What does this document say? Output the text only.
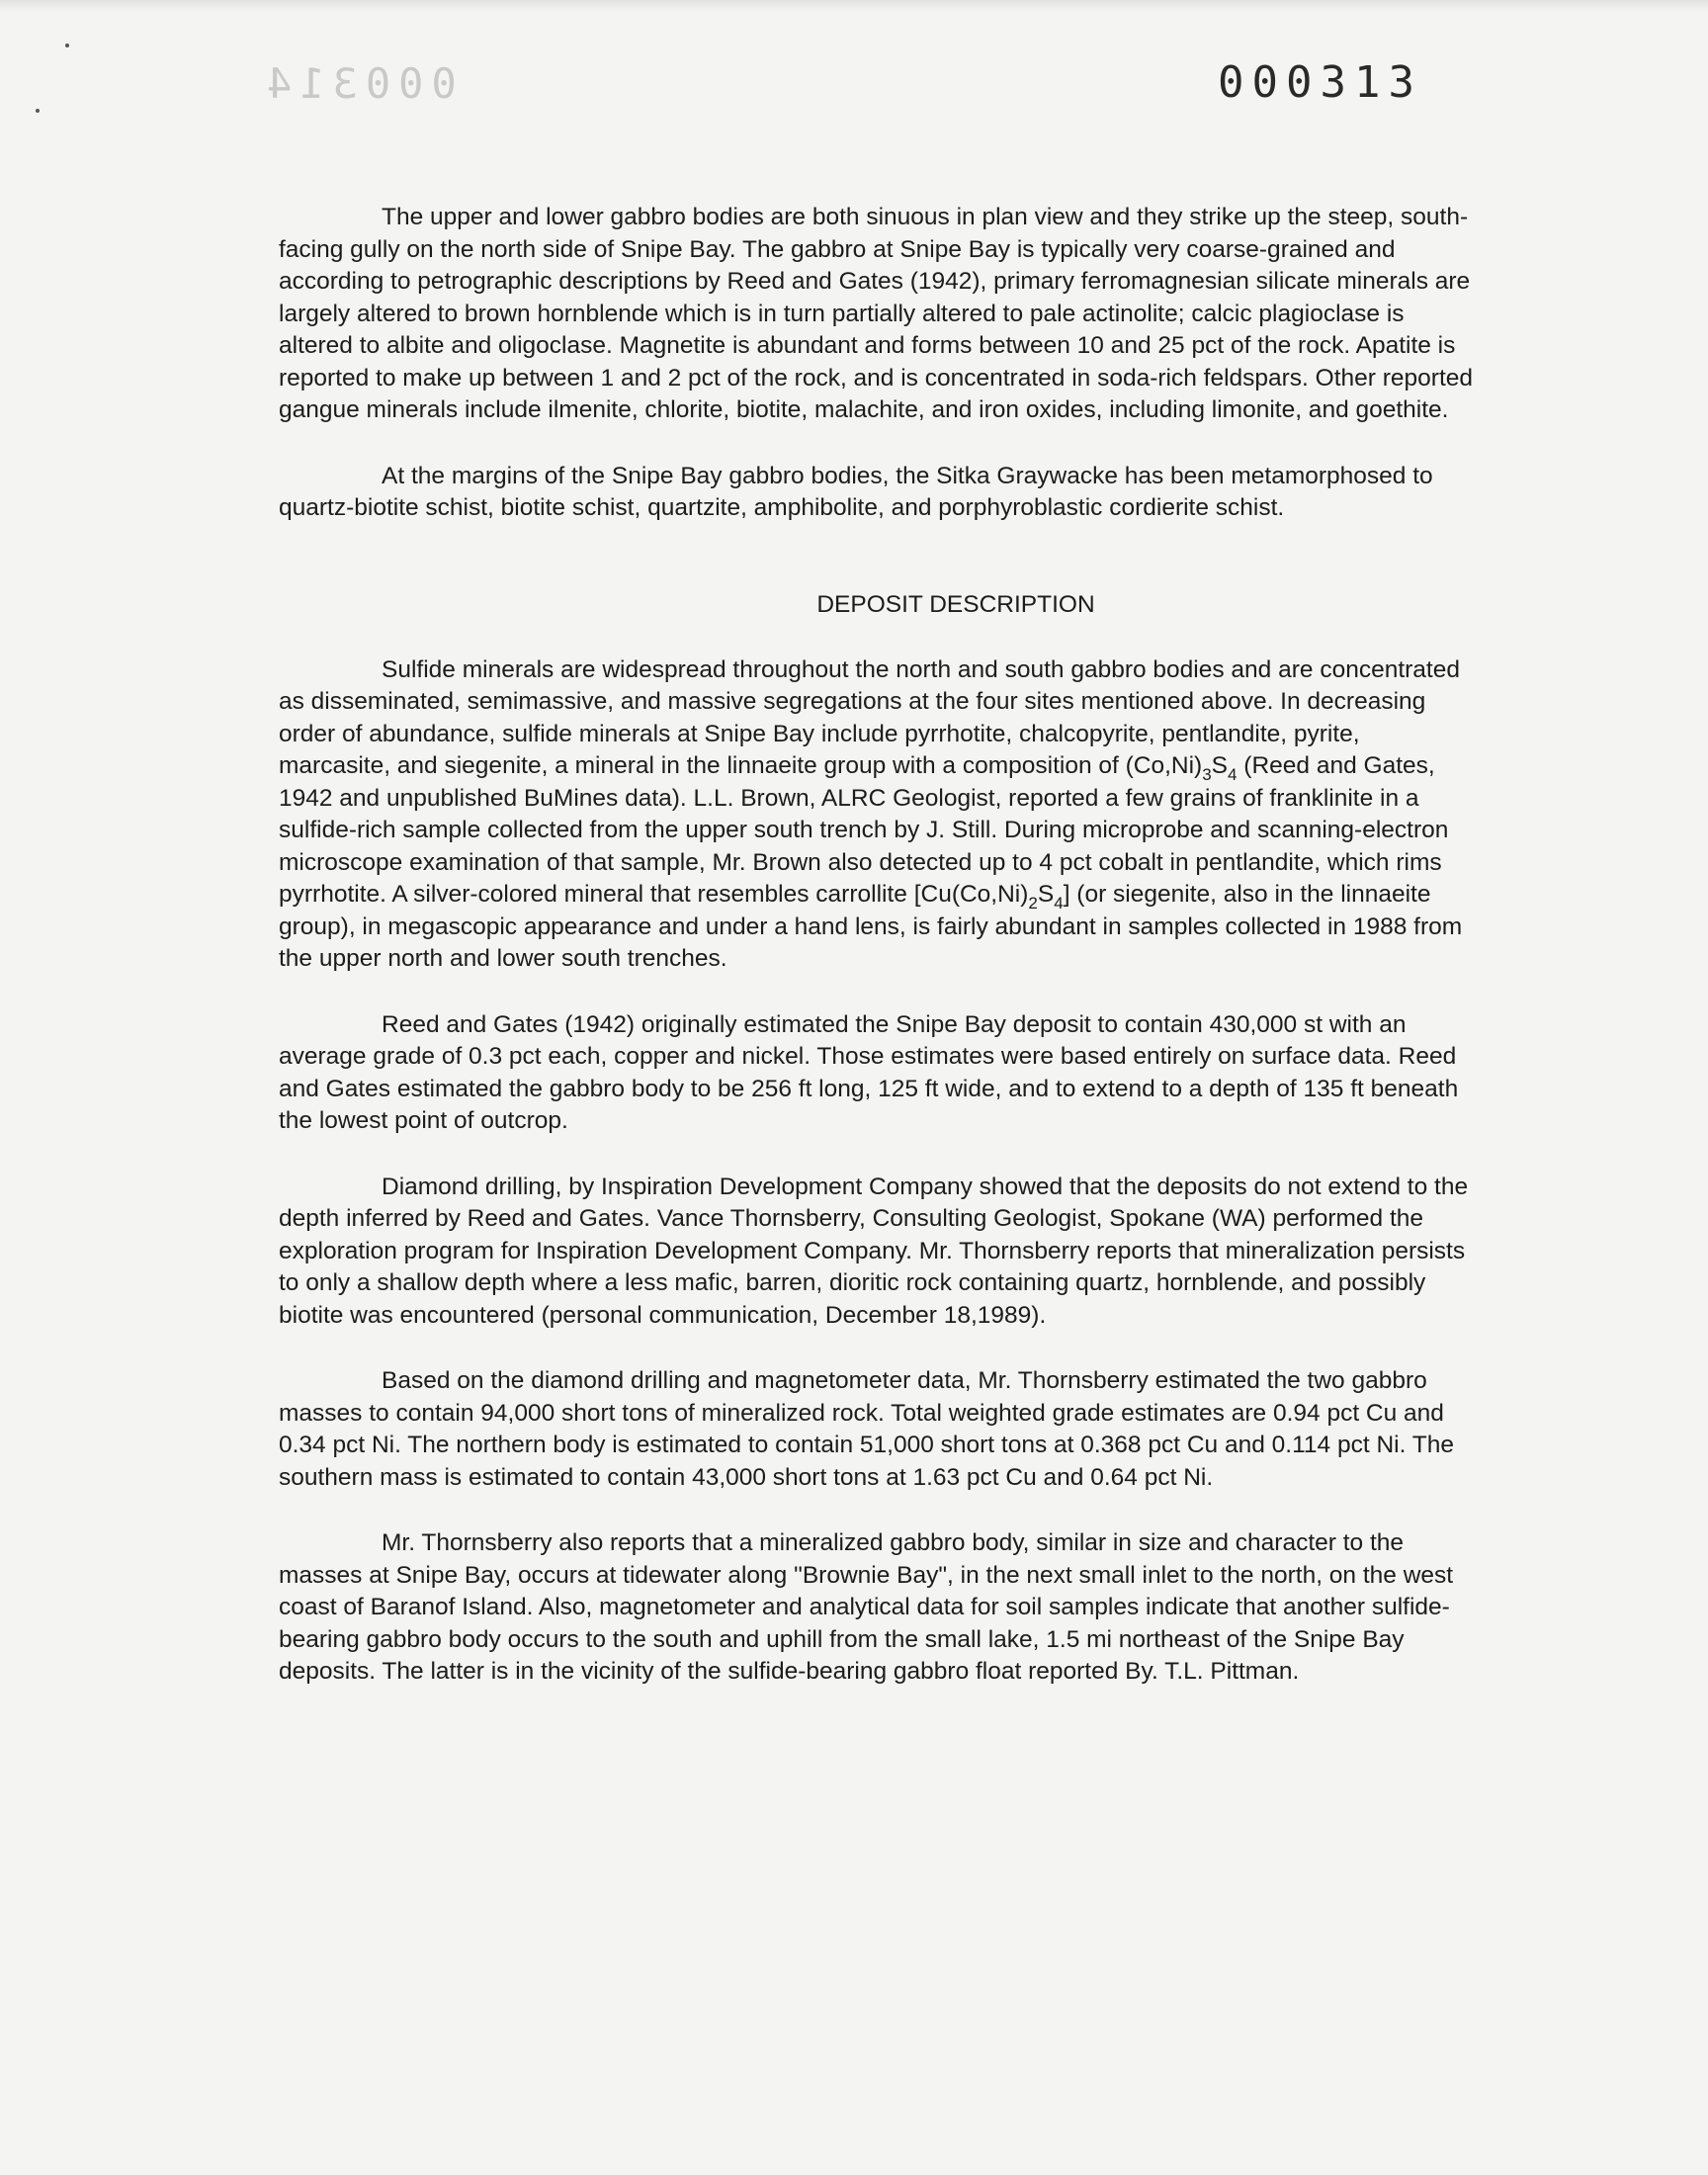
000314	000313

The upper and lower gabbro bodies are both sinuous in plan view and they strike up the steep, south-facing gully on the north side of Snipe Bay. The gabbro at Snipe Bay is typically very coarse-grained and according to petrographic descriptions by Reed and Gates (1942), primary ferromagnesian silicate minerals are largely altered to brown hornblende which is in turn partially altered to pale actinolite; calcic plagioclase is altered to albite and oligoclase. Magnetite is abundant and forms between 10 and 25 pct of the rock. Apatite is reported to make up between 1 and 2 pct of the rock, and is concentrated in soda-rich feldspars. Other reported gangue minerals include ilmenite, chlorite, biotite, malachite, and iron oxides, including limonite, and goethite.

At the margins of the Snipe Bay gabbro bodies, the Sitka Graywacke has been metamorphosed to quartz-biotite schist, biotite schist, quartzite, amphibolite, and porphyroblastic cordierite schist.

DEPOSIT DESCRIPTION

Sulfide minerals are widespread throughout the north and south gabbro bodies and are concentrated as disseminated, semimassive, and massive segregations at the four sites mentioned above. In decreasing order of abundance, sulfide minerals at Snipe Bay include pyrrhotite, chalcopyrite, pentlandite, pyrite, marcasite, and siegenite, a mineral in the linnaeite group with a composition of $(Co,Ni)_3S_4$ (Reed and Gates, 1942 and unpublished BuMines data). L.L. Brown, ALRC Geologist, reported a few grains of franklinite in a sulfide-rich sample collected from the upper south trench by J. Still. During microprobe and scanning-electron microscope examination of that sample, Mr. Brown also detected up to 4 pct cobalt in pentlandite, which rims pyrrhotite. A silver-colored mineral that resembles carrollite $[Cu(Co,Ni)_2S_4]$ (or siegenite, also in the linnaeite group), in megascopic appearance and under a hand lens, is fairly abundant in samples collected in 1988 from the upper north and lower south trenches.

Reed and Gates (1942) originally estimated the Snipe Bay deposit to contain 430,000 st with an average grade of 0.3 pct each, copper and nickel. Those estimates were based entirely on surface data. Reed and Gates estimated the gabbro body to be 256 ft long, 125 ft wide, and to extend to a depth of 135 ft beneath the lowest point of outcrop.

Diamond drilling, by Inspiration Development Company showed that the deposits do not extend to the depth inferred by Reed and Gates. Vance Thornsberry, Consulting Geologist, Spokane (WA) performed the exploration program for Inspiration Development Company. Mr. Thornsberry reports that mineralization persists to only a shallow depth where a less mafic, barren, dioritic rock containing quartz, hornblende, and possibly biotite was encountered (personal communication, December 18,1989).

Based on the diamond drilling and magnetometer data, Mr. Thornsberry estimated the two gabbro masses to contain 94,000 short tons of mineralized rock. Total weighted grade estimates are 0.94 pct Cu and 0.34 pct Ni. The northern body is estimated to contain 51,000 short tons at 0.368 pct Cu and 0.114 pct Ni. The southern mass is estimated to contain 43,000 short tons at 1.63 pct Cu and 0.64 pct Ni.

Mr. Thornsberry also reports that a mineralized gabbro body, similar in size and character to the masses at Snipe Bay, occurs at tidewater along "Brownie Bay", in the next small inlet to the north, on the west coast of Baranof Island. Also, magnetometer and analytical data for soil samples indicate that another sulfide-bearing gabbro body occurs to the south and uphill from the small lake, 1.5 mi northeast of the Snipe Bay deposits. The latter is in the vicinity of the sulfide-bearing gabbro float reported By. T.L. Pittman.
